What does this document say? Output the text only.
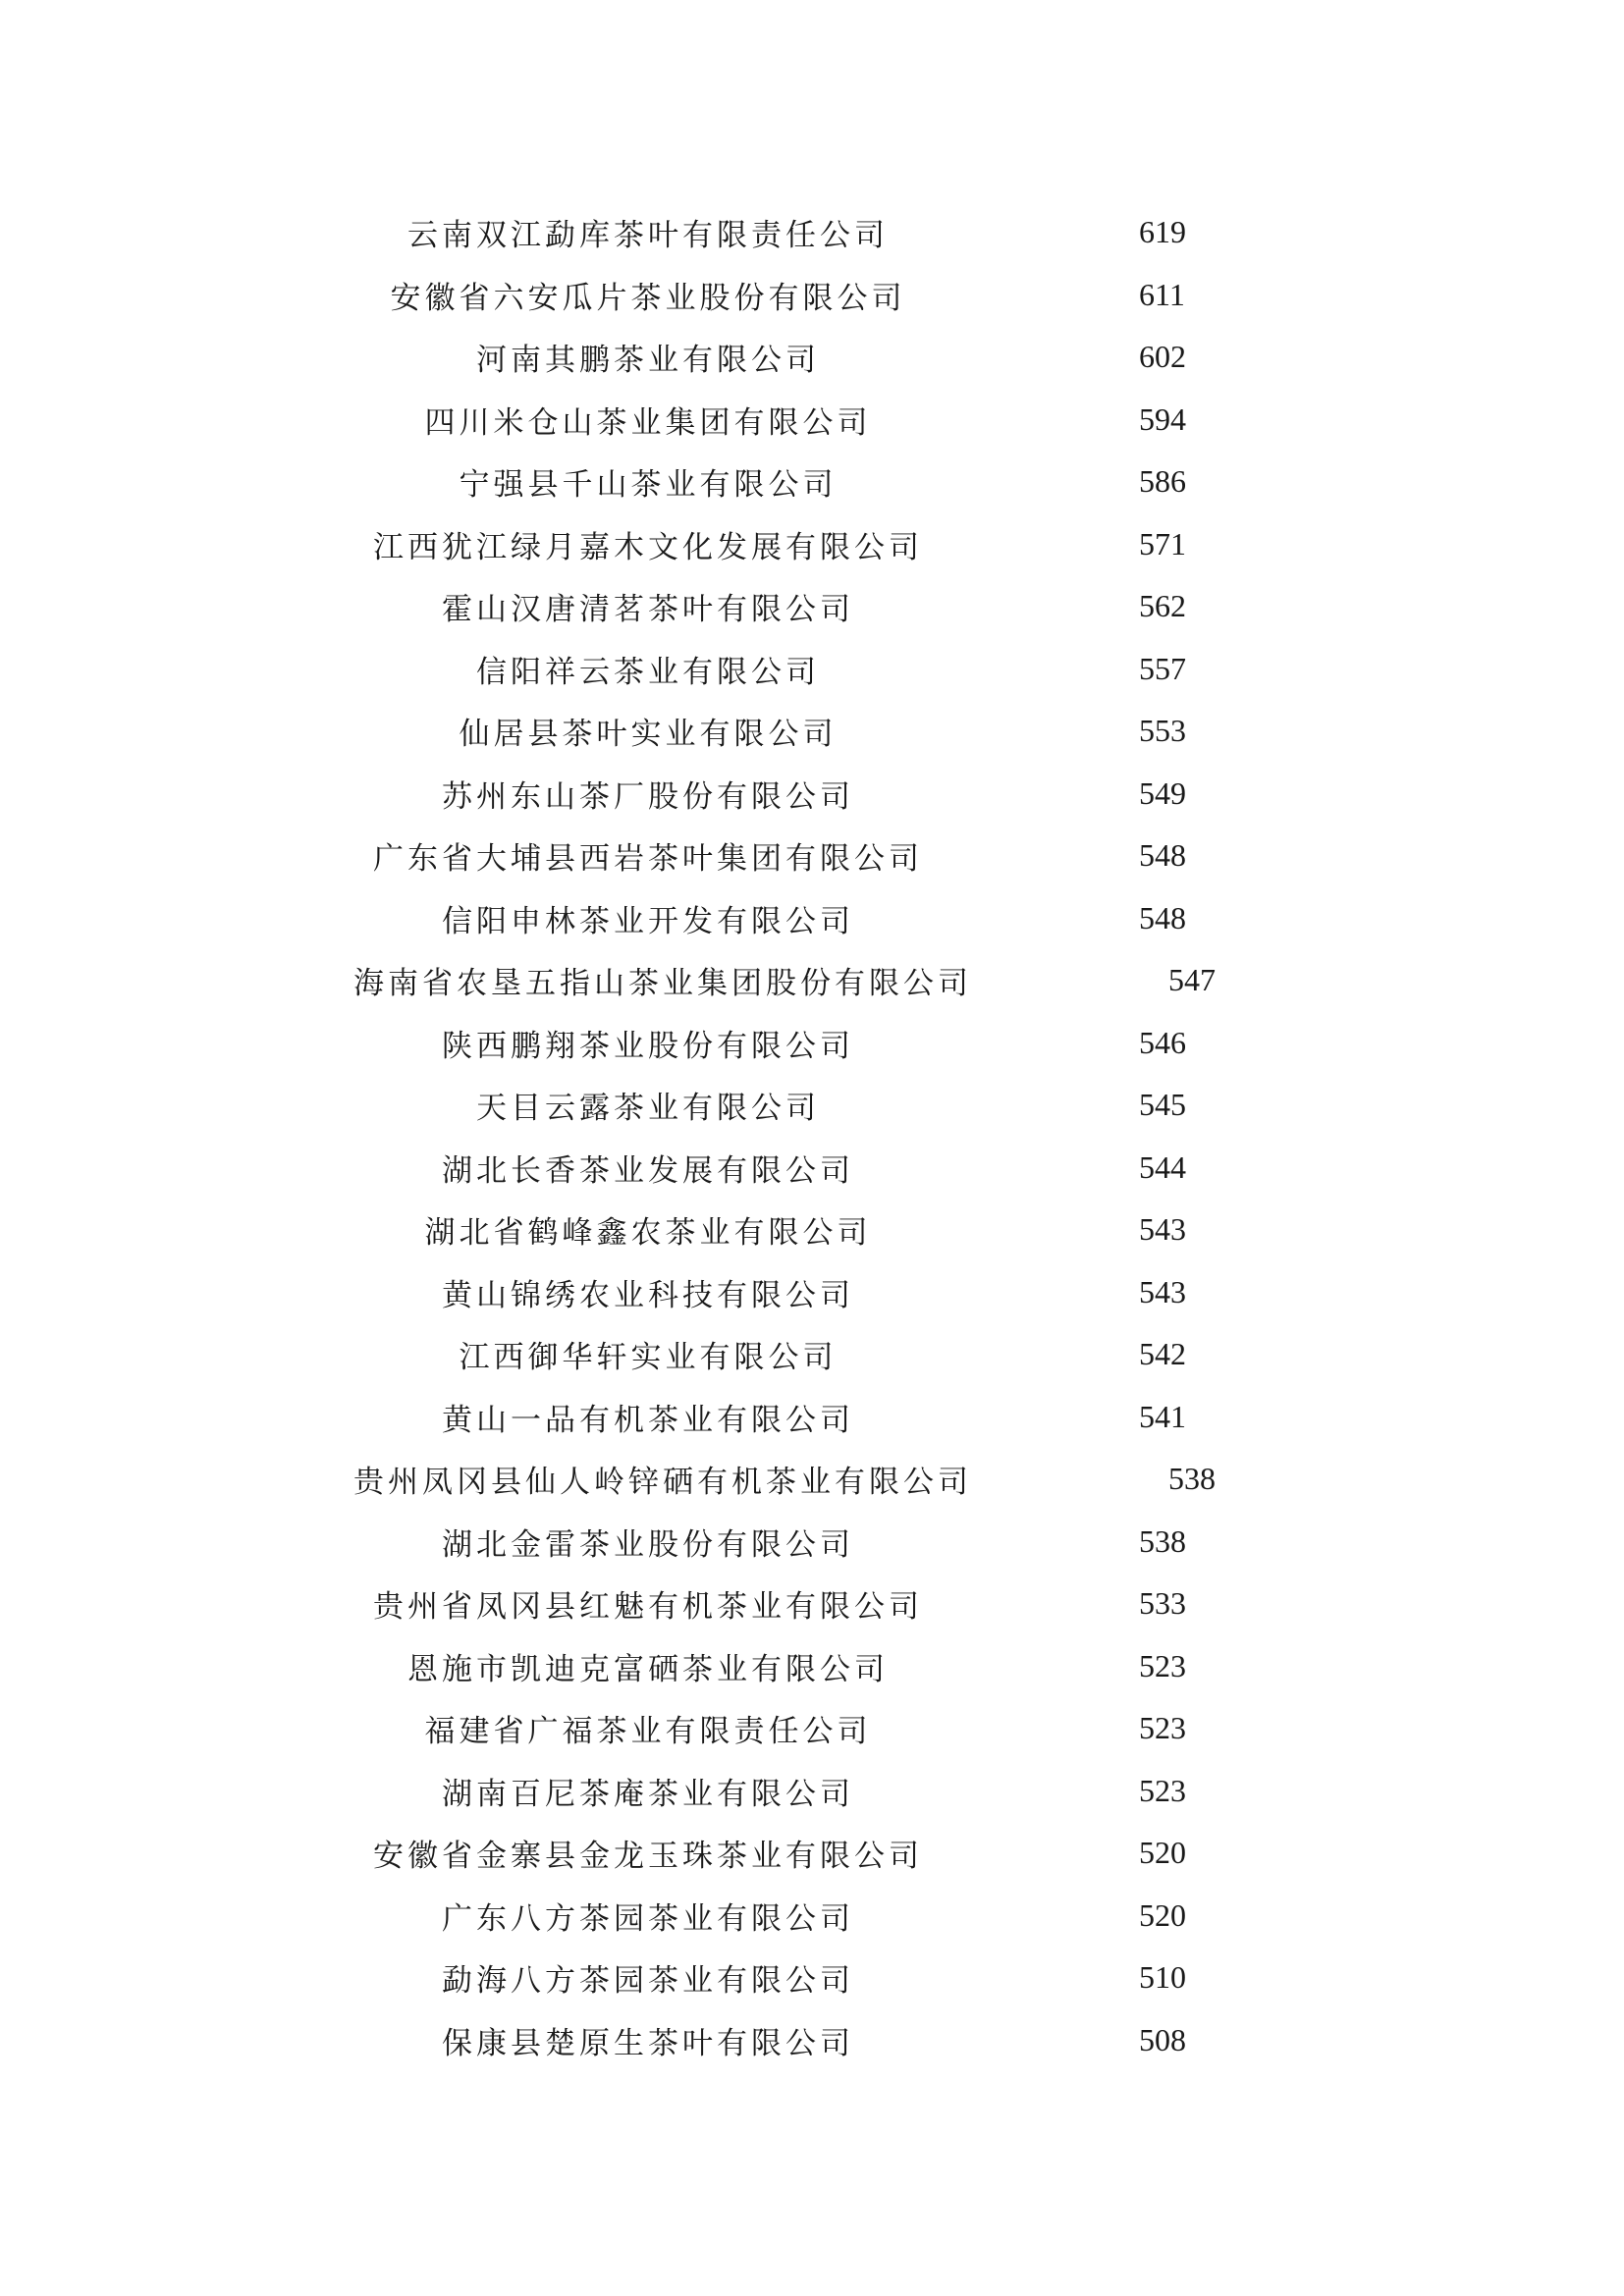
云南双江勐库茶叶有限责任公司	619
安徽省六安瓜片茶业股份有限公司	611
河南其鹏茶业有限公司	602
四川米仓山茶业集团有限公司	594
宁强县千山茶业有限公司	586
江西犹江绿月嘉木文化发展有限公司	571
霍山汉唐清茗茶叶有限公司	562
信阳祥云茶业有限公司	557
仙居县茶叶实业有限公司	553
苏州东山茶厂股份有限公司	549
广东省大埔县西岩茶叶集团有限公司	548
信阳申林茶业开发有限公司	548
海南省农垦五指山茶业集团股份有限公司	547
陕西鹏翔茶业股份有限公司	546
天目云露茶业有限公司	545
湖北长香茶业发展有限公司	544
湖北省鹤峰鑫农茶业有限公司	543
黄山锦绣农业科技有限公司	543
江西御华轩实业有限公司	542
黄山一品有机茶业有限公司	541
贵州凤冈县仙人岭锌硒有机茶业有限公司	538
湖北金雷茶业股份有限公司	538
贵州省凤冈县红魅有机茶业有限公司	533
恩施市凯迪克富硒茶业有限公司	523
福建省广福茶业有限责任公司	523
湖南百尼茶庵茶业有限公司	523
安徽省金寨县金龙玉珠茶业有限公司	520
广东八方茶园茶业有限公司	520
勐海八方茶园茶业有限公司	510
保康县楚原生茶叶有限公司	508
